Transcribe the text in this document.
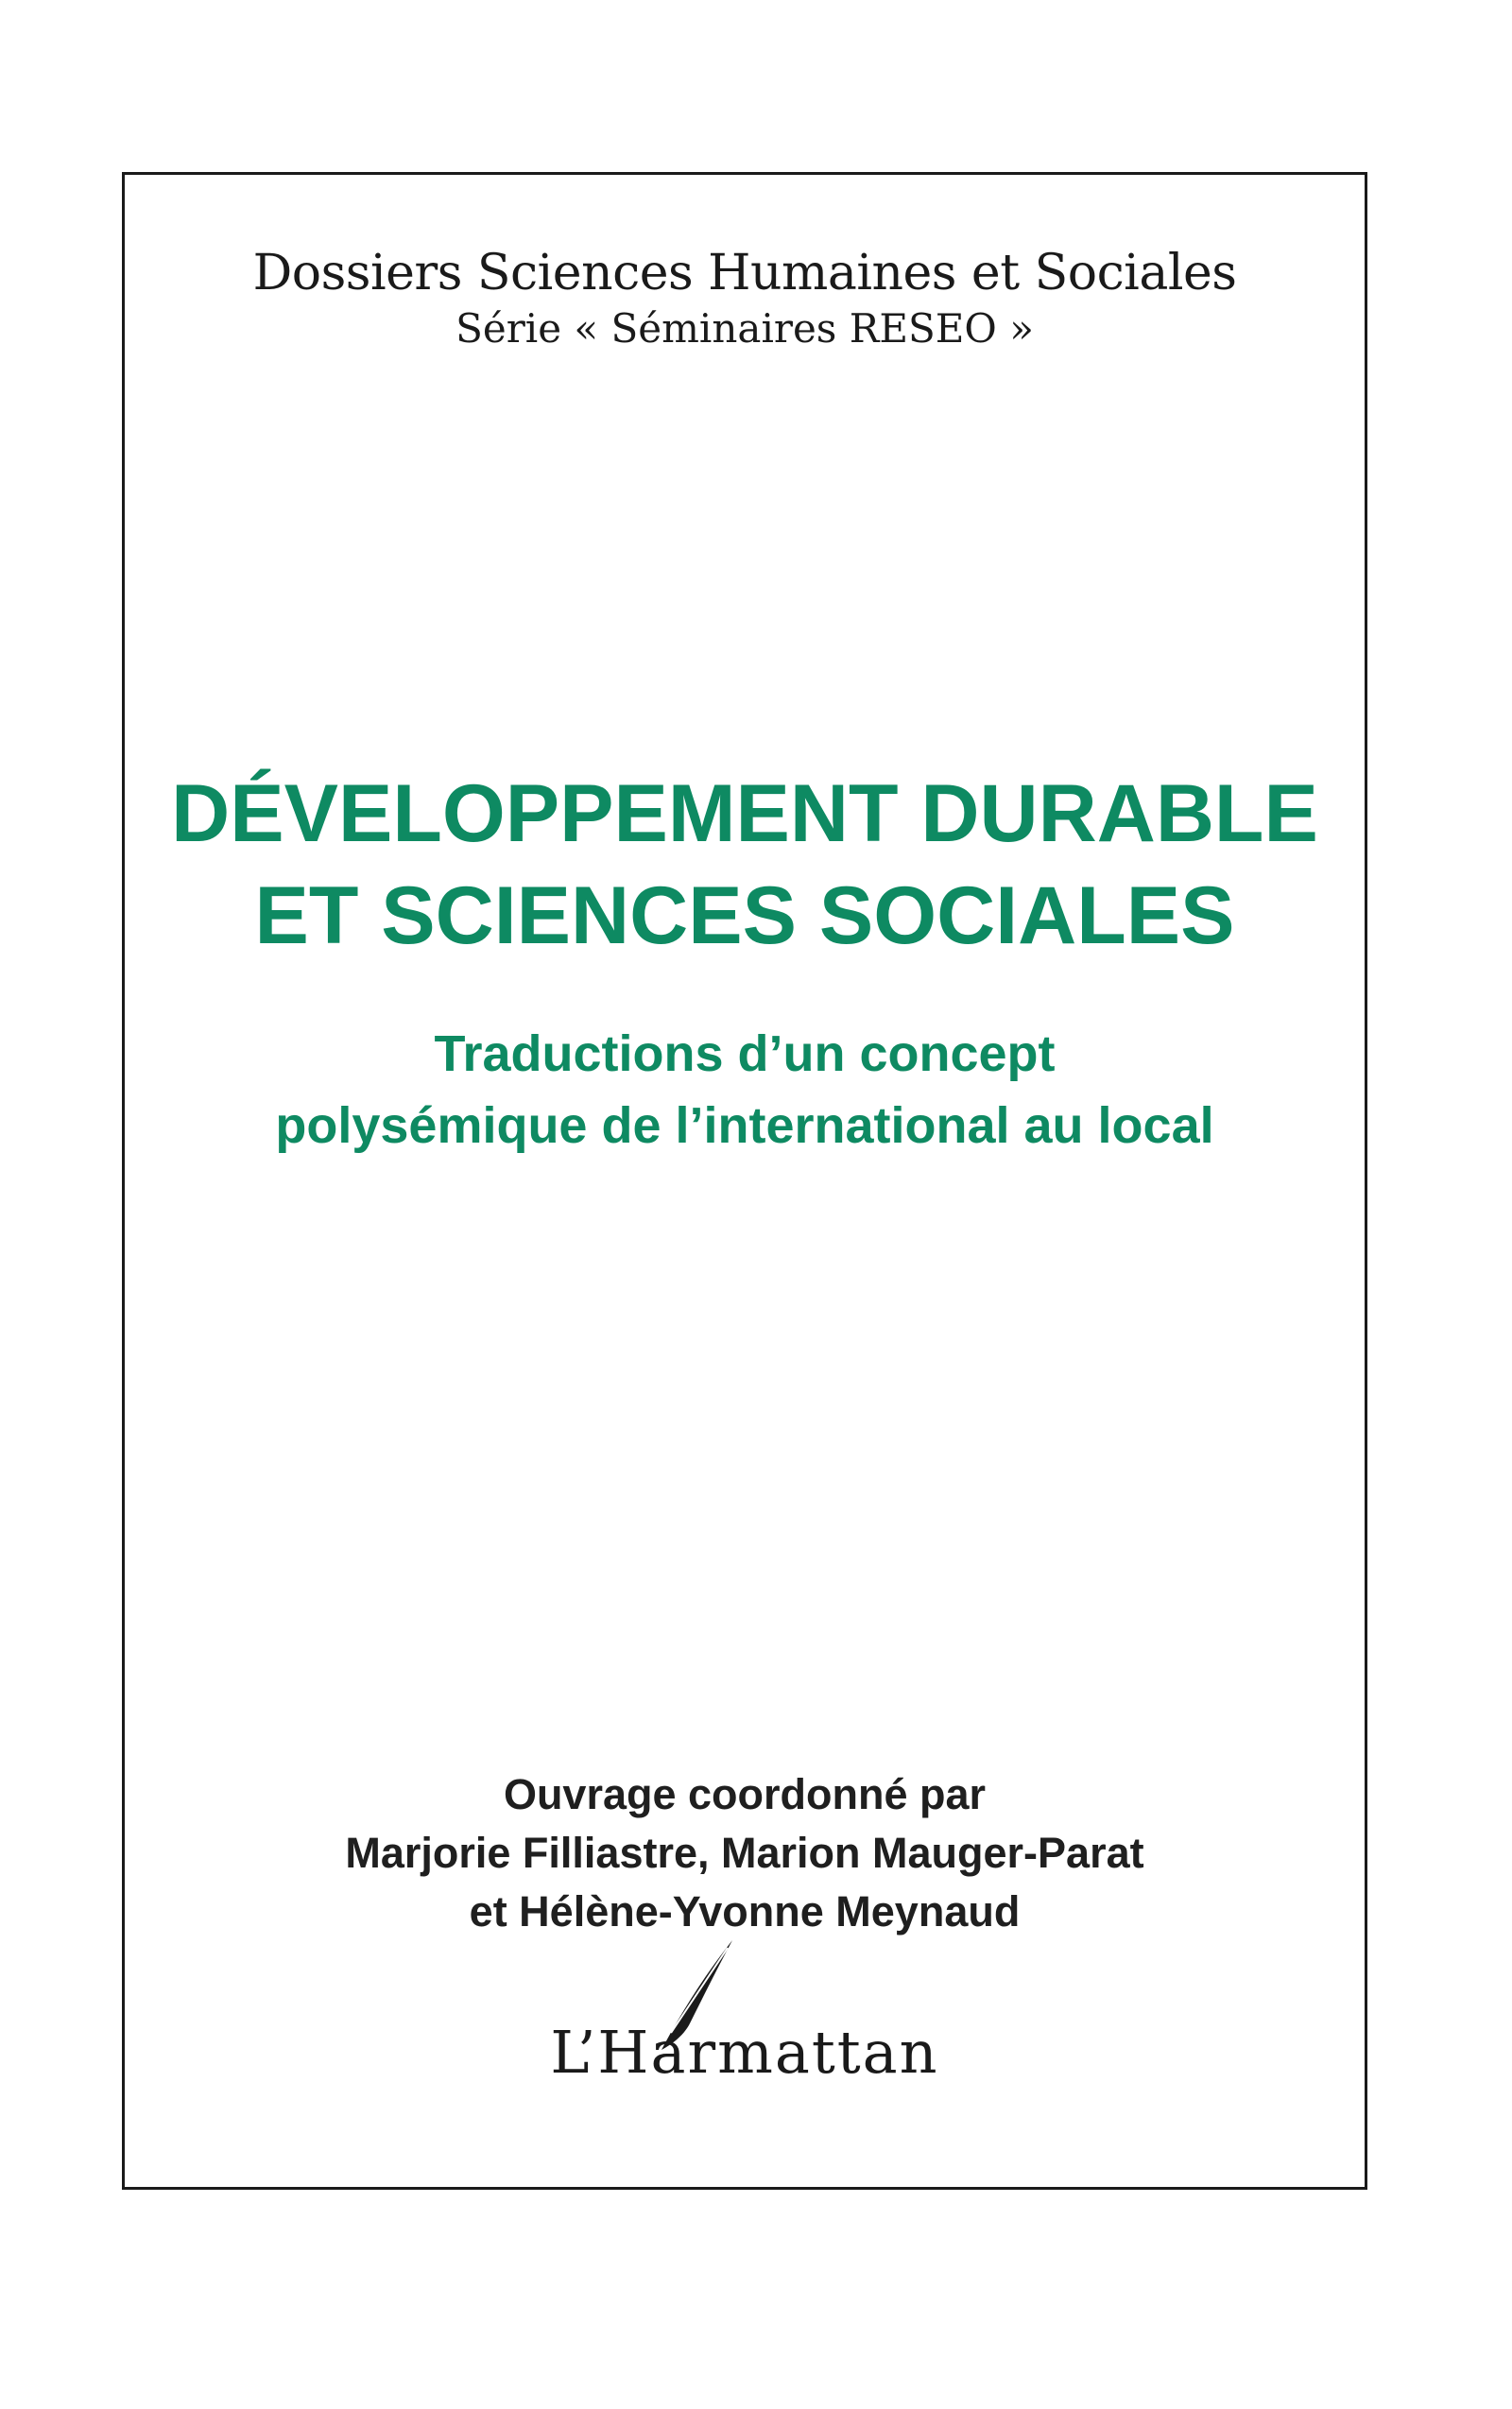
Dossiers Sciences Humaines et Sociales
Série « Séminaires RESEO »
DÉVELOPPEMENT DURABLE
ET SCIENCES SOCIALES
Traductions d’un concept
polysémique de l’international au local
Ouvrage coordonné par
Marjorie Filliastre, Marion Mauger-Parat
et Hélène-Yvonne Meynaud
L’Harmattan
